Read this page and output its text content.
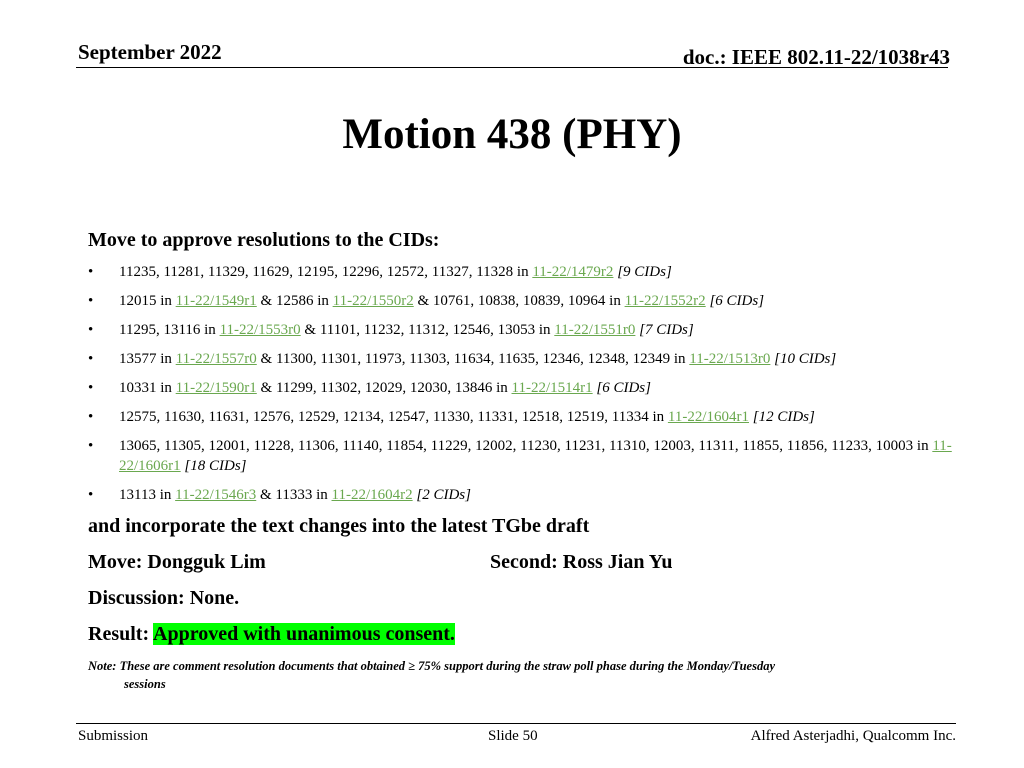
September 2022	doc.: IEEE 802.11-22/1038r43
Motion 438 (PHY)
Move to approve resolutions to the CIDs:
• 11235, 11281, 11329, 11629, 12195, 12296, 12572, 11327, 11328 in 11-22/1479r2 [9 CIDs]
• 12015 in 11-22/1549r1 & 12586 in 11-22/1550r2 & 10761, 10838, 10839, 10964 in 11-22/1552r2 [6 CIDs]
• 11295, 13116 in 11-22/1553r0 & 11101, 11232, 11312, 12546, 13053 in 11-22/1551r0 [7 CIDs]
• 13577 in 11-22/1557r0 & 11300, 11301, 11973, 11303, 11634, 11635, 12346, 12348, 12349 in 11-22/1513r0 [10 CIDs]
• 10331 in 11-22/1590r1 & 11299, 11302, 12029, 12030, 13846 in 11-22/1514r1 [6 CIDs]
• 12575, 11630, 11631, 12576, 12529, 12134, 12547, 11330, 11331, 12518, 12519, 11334 in 11-22/1604r1 [12 CIDs]
• 13065, 11305, 12001, 11228, 11306, 11140, 11854, 11229, 12002, 11230, 11231, 11310, 12003, 11311, 11855, 11856, 11233, 10003 in 11-22/1606r1 [18 CIDs]
• 13113 in 11-22/1546r3 & 11333 in 11-22/1604r2 [2 CIDs]
and incorporate the text changes into the latest TGbe draft
Move: Dongguk Lim	Second: Ross Jian Yu
Discussion: None.
Result: Approved with unanimous consent.
Note: These are comment resolution documents that obtained ≥ 75% support during the straw poll phase during the Monday/Tuesday
sessions
Submission	Slide 50	Alfred Asterjadhi, Qualcomm Inc.
